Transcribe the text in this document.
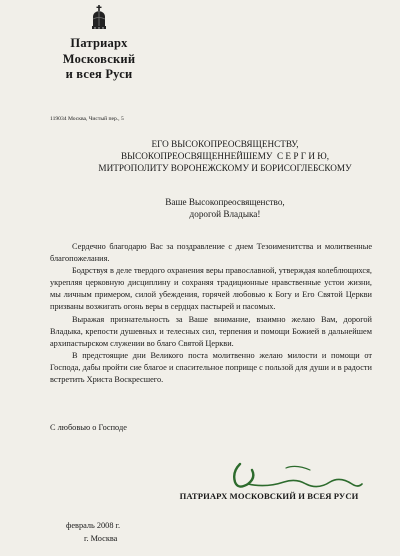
Патриарх
Московский
и всея Руси
119034 Москва, Чистый пер., 5
ЕГО ВЫСОКОПРЕОСВЯЩЕНСТВУ,
ВЫСОКОПРЕОСВЯЩЕННЕЙШЕМУ  С Е Р Г И Ю,
МИТРОПОЛИТУ ВОРОНЕЖСКОМУ И БОРИСОГЛЕБСКОМУ
Ваше Высокопреосвященство,
дорогой Владыка!

Сердечно благодарю Вас за поздравление с днем Тезоименитства и молитвенные благопожелания.

Бодрствуя в деле твердого охранения веры православной, утверждая колеблющихся, укрепляя церковную дисциплину и сохраняя традиционные нравственные устои жизни, мы личным примером, силой убеждения, горячей любовью к Богу и Его Святой Церкви призваны возжигать огонь веры в сердцах пастырей и пасомых.

Выражая признательность за Ваше внимание, взаимно желаю Вам, дорогой Владыка, крепости душевных и телесных сил, терпения и помощи Божией в дальнейшем архипастырском служении во благо Святой Церкви.

В предстоящие дни Великого поста молитвенно желаю милости и помощи от Господа, дабы пройти сие благое и спасительное поприще с пользой для души и в радости встретить Христа Воскресшего.

С любовью о Господе
ПАТРИАРХ МОСКОВСКИЙ И ВСЕЯ РУСИ
февраль 2008 г.
г. Москва
